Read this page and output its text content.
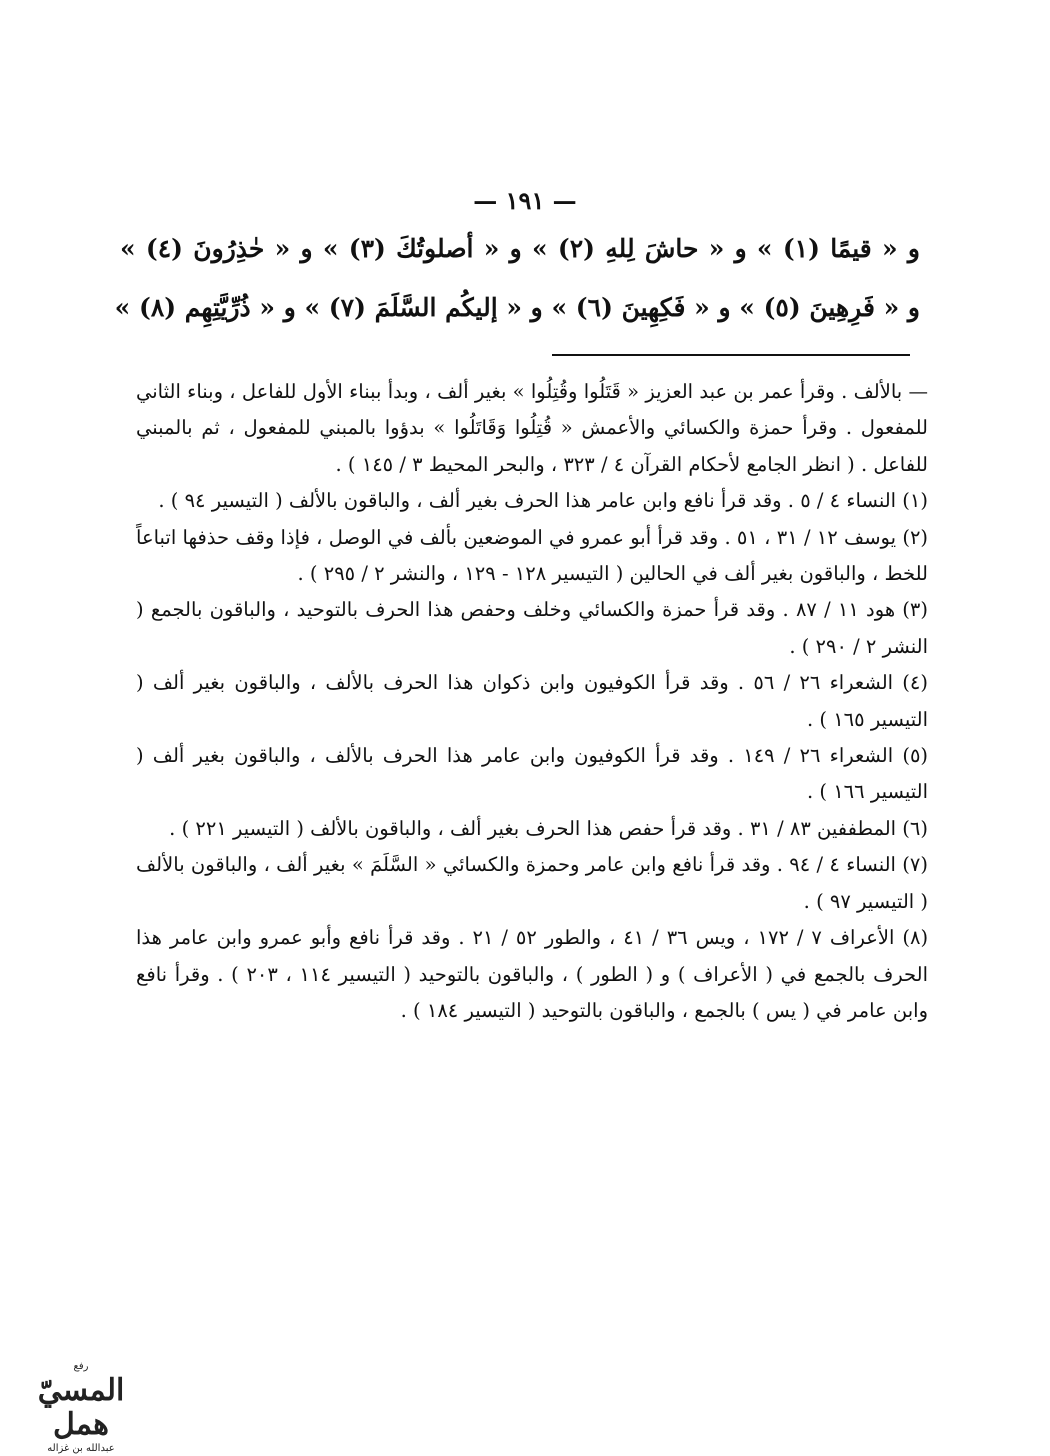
— ١٩١ —
و « قيمًا (١) » و « حاشَ لِلهِ (٢) » و « أصلوتُكَ (٣) » و « حٰذِرُونَ (٤) »
و « فَرِهِينَ (٥) » و « فَكِهِينَ (٦) » و « إليكُم السَّلَمَ (٧) » و « ذُرِّيَّتِهِم (٨) »

— بالألف . وقرأ عمر بن عبد العزيز « قَتَلُوا وقُتِلُوا » بغير ألف ، وبدأ ببناء الأول للفاعل ، وبناء الثاني للمفعول . وقرأ حمزة والكسائي والأعمش « قُتِلُوا وَقَاتَلُوا » بدؤوا بالمبني للمفعول ، ثم بالمبني للفاعل . ( انظر الجامع لأحكام القرآن ٤ / ٣٢٣ ، والبحر المحيط ٣ / ١٤٥ ) .

(١) النساء ٤ / ٥ . وقد قرأ نافع وابن عامر هذا الحرف بغير ألف ، والباقون بالألف ( التيسير ٩٤ ) .

(٢) يوسف ١٢ / ٣١ ، ٥١ . وقد قرأ أبو عمرو في الموضعين بألف في الوصل ، فإذا وقف حذفها اتباعاً للخط ، والباقون بغير ألف في الحالين ( التيسير ١٢٨ - ١٢٩ ، والنشر ٢ / ٢٩٥ ) .

(٣) هود ١١ / ٨٧ . وقد قرأ حمزة والكسائي وخلف وحفص هذا الحرف بالتوحيد ، والباقون بالجمع ( النشر ٢ / ٢٩٠ ) .

(٤) الشعراء ٢٦ / ٥٦ . وقد قرأ الكوفيون وابن ذكوان هذا الحرف بالألف ، والباقون بغير ألف ( التيسير ١٦٥ ) .

(٥) الشعراء ٢٦ / ١٤٩ . وقد قرأ الكوفيون وابن عامر هذا الحرف بالألف ، والباقون بغير ألف ( التيسير ١٦٦ ) .

(٦) المطففين ٨٣ / ٣١ . وقد قرأ حفص هذا الحرف بغير ألف ، والباقون بالألف ( التيسير ٢٢١ ) .

(٧) النساء ٤ / ٩٤ . وقد قرأ نافع وابن عامر وحمزة والكسائي « السَّلَمَ » بغير ألف ، والباقون بالألف ( التيسير ٩٧ ) .

(٨) الأعراف ٧ / ١٧٢ ، ويس ٣٦ / ٤١ ، والطور ٥٢ / ٢١ . وقد قرأ نافع وأبو عمرو وابن عامر هذا الحرف بالجمع في ( الأعراف ) و ( الطور ) ، والباقون بالتوحيد ( التيسير ١١٤ ، ٢٠٣ ) . وقرأ نافع وابن عامر في ( يس ) بالجمع ، والباقون بالتوحيد ( التيسير ١٨٤ ) .

رفع
المسيّ همل
عبدالله بن غزاله
